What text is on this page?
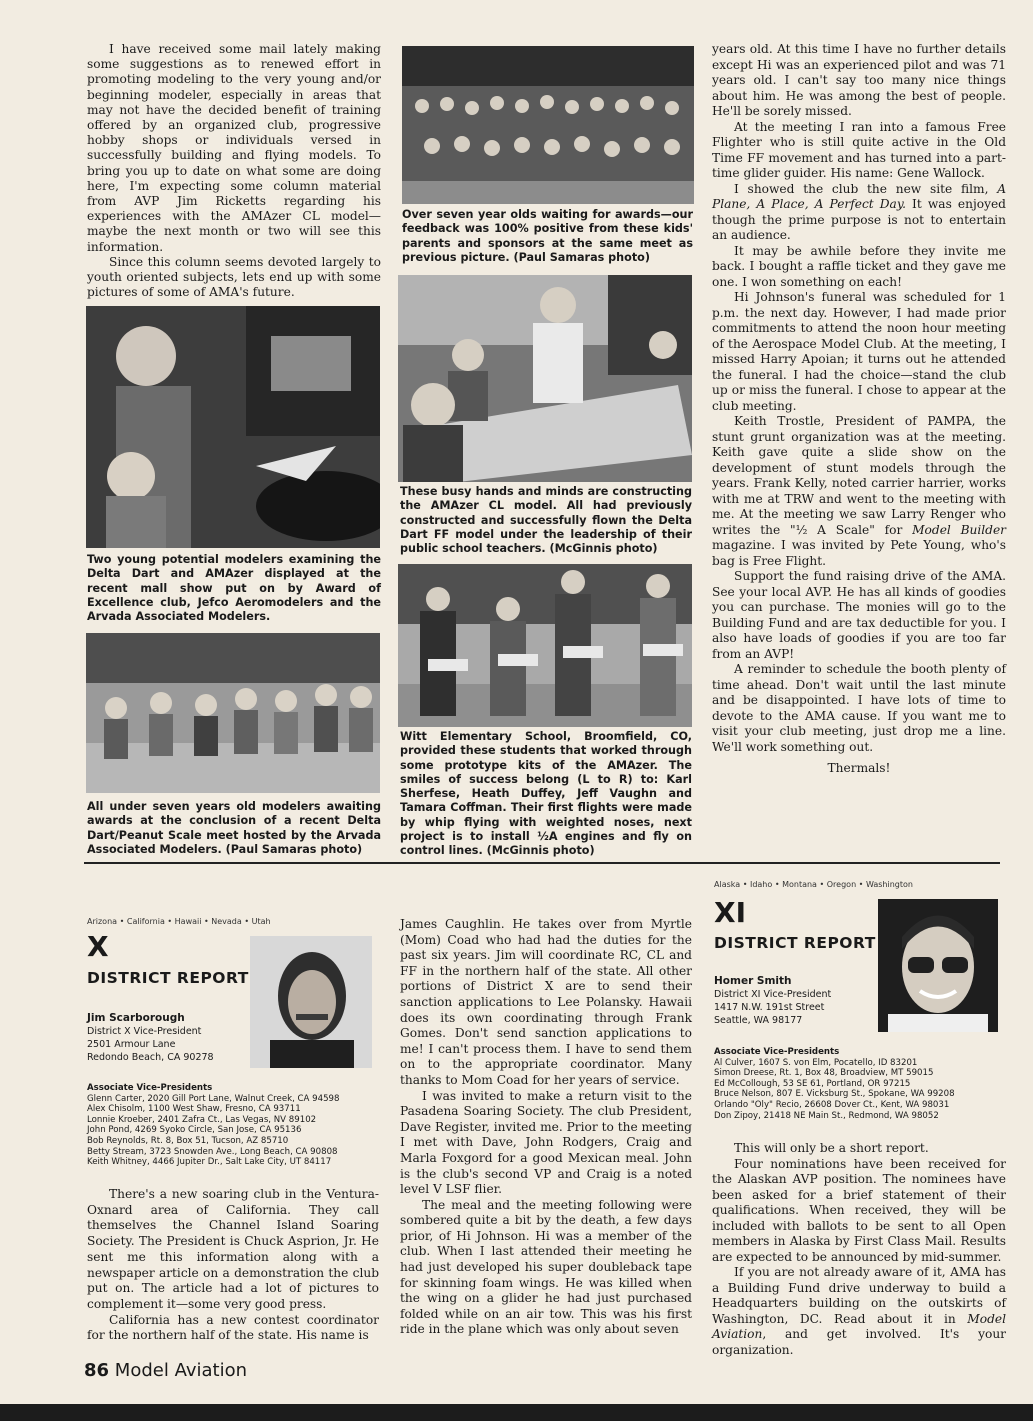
I have received some mail lately making some suggestions as to renewed effort in promoting modeling to the very young and/or beginning modeler, especially in areas that may not have the decided benefit of training offered by an organized club, progressive hobby shops or individuals versed in successfully building and flying models. To bring you up to date on what some are doing here, I'm expecting some column material from AVP Jim Ricketts regarding his experiences with the AMAzer CL model—maybe the next month or two will see this information.

Since this column seems devoted largely to youth oriented subjects, lets end up with some pictures of some of AMA's future.

Two young potential modelers examining the Delta Dart and AMAzer displayed at the recent mall show put on by Award of Excellence club, Jefco Aeromodelers and the Arvada Associated Modelers.
All under seven years old modelers awaiting awards at the conclusion of a recent Delta Dart/Peanut Scale meet hosted by the Arvada Associated Modelers. (Paul Samaras photo)
Over seven year olds waiting for awards—our feedback was 100% positive from these kids' parents and sponsors at the same meet as previous picture. (Paul Samaras photo)
These busy hands and minds are constructing the AMAzer CL model. All had previously constructed and successfully flown the Delta Dart FF model under the leadership of their public school teachers. (McGinnis photo)
Witt Elementary School, Broomfield, CO, provided these students that worked through some prototype kits of the AMAzer. The smiles of success belong (L to R) to: Karl Sherfese, Heath Duffey, Jeff Vaughn and Tamara Coffman. Their first flights were made by whip flying with weighted noses, next project is to install ½A engines and fly on control lines. (McGinnis photo)

years old. At this time I have no further details except Hi was an experienced pilot and was 71 years old. I can't say too many nice things about him. He was among the best of people. He'll be sorely missed.

At the meeting I ran into a famous Free Flighter who is still quite active in the Old Time FF movement and has turned into a part-time glider guider. His name: Gene Wallock.

I showed the club the new site film, A Plane, A Place, A Perfect Day. It was enjoyed though the prime purpose is not to entertain an audience.

It may be awhile before they invite me back. I bought a raffle ticket and they gave me one. I won something on each!

Hi Johnson's funeral was scheduled for 1 p.m. the next day. However, I had made prior commitments to attend the noon hour meeting of the Aerospace Model Club. At the meeting, I missed Harry Apoian; it turns out he attended the funeral. I had the choice—stand the club up or miss the funeral. I chose to appear at the club meeting.

Keith Trostle, President of PAMPA, the stunt grunt organization was at the meeting. Keith gave quite a slide show on the development of stunt models through the years. Frank Kelly, noted carrier harrier, works with me at TRW and went to the meeting with me. At the meeting we saw Larry Renger who writes the "½ A Scale" for Model Builder magazine. I was invited by Pete Young, who's bag is Free Flight.

Support the fund raising drive of the AMA. See your local AVP. He has all kinds of goodies you can purchase. The monies will go to the Building Fund and are tax deductible for you. I also have loads of goodies if you are too far from an AVP!

A reminder to schedule the booth plenty of time ahead. Don't wait until the last minute and be disappointed. I have lots of time to devote to the AMA cause. If you want me to visit your club meeting, just drop me a line. We'll work something out.

Thermals!

Arizona • California • Hawaii • Nevada • Utah
X
DISTRICT REPORT
Jim Scarborough
District X Vice-President
2501 Armour Lane
Redondo Beach, CA 90278
Associate Vice-Presidents
Glenn Carter, 2020 Gill Port Lane, Walnut Creek, CA 94598
Alex Chisolm, 1100 West Shaw, Fresno, CA 93711
Lonnie Kroeber, 2401 Zafra Ct., Las Vegas, NV 89102
John Pond, 4269 Syoko Circle, San Jose, CA 95136
Bob Reynolds, Rt. 8, Box 51, Tucson, AZ 85710
Betty Stream, 3723 Snowden Ave., Long Beach, CA 90808
Keith Whitney, 4466 Jupiter Dr., Salt Lake City, UT 84117

There's a new soaring club in the Ventura-Oxnard area of California. They call themselves the Channel Island Soaring Society. The President is Chuck Asprion, Jr. He sent me this information along with a newspaper article on a demonstration the club put on. The article had a lot of pictures to complement it—some very good press.

California has a new contest coordinator for the northern half of the state. His name is

James Caughlin. He takes over from Myrtle (Mom) Coad who had had the duties for the past six years. Jim will coordinate RC, CL and FF in the northern half of the state. All other portions of District X are to send their sanction applications to Lee Polansky. Hawaii does its own coordinating through Frank Gomes. Don't send sanction applications to me! I can't process them. I have to send them on to the appropriate coordinator. Many thanks to Mom Coad for her years of service.

I was invited to make a return visit to the Pasadena Soaring Society. The club President, Dave Register, invited me. Prior to the meeting I met with Dave, John Rodgers, Craig and Marla Foxgord for a good Mexican meal. John is the club's second VP and Craig is a noted level V LSF flier.

The meal and the meeting following were sombered quite a bit by the death, a few days prior, of Hi Johnson. Hi was a member of the club. When I last attended their meeting he had just developed his super doubleback tape for skinning foam wings. He was killed when the wing on a glider he had just purchased folded while on an air tow. This was his first ride in the plane which was only about seven

Alaska • Idaho • Montana • Oregon • Washington
XI
DISTRICT REPORT
Homer Smith
District XI Vice-President
1417 N.W. 191st Street
Seattle, WA 98177
Associate Vice-Presidents
Al Culver, 1607 S. von Elm, Pocatello, ID 83201
Simon Dreese, Rt. 1, Box 48, Broadview, MT 59015
Ed McCollough, 53 SE 61, Portland, OR 97215
Bruce Nelson, 807 E. Vicksburg St., Spokane, WA 99208
Orlando "Oly" Recio, 26608 Dover Ct., Kent, WA 98031
Don Zipoy, 21418 NE Main St., Redmond, WA 98052

This will only be a short report.

Four nominations have been received for the Alaskan AVP position. The nominees have been asked for a brief statement of their qualifications. When received, they will be included with ballots to be sent to all Open members in Alaska by First Class Mail. Results are expected to be announced by mid-summer.

If you are not already aware of it, AMA has a Building Fund drive underway to build a Headquarters building on the outskirts of Washington, DC. Read about it in Model Aviation, and get involved. It's your organization.

86 Model Aviation
